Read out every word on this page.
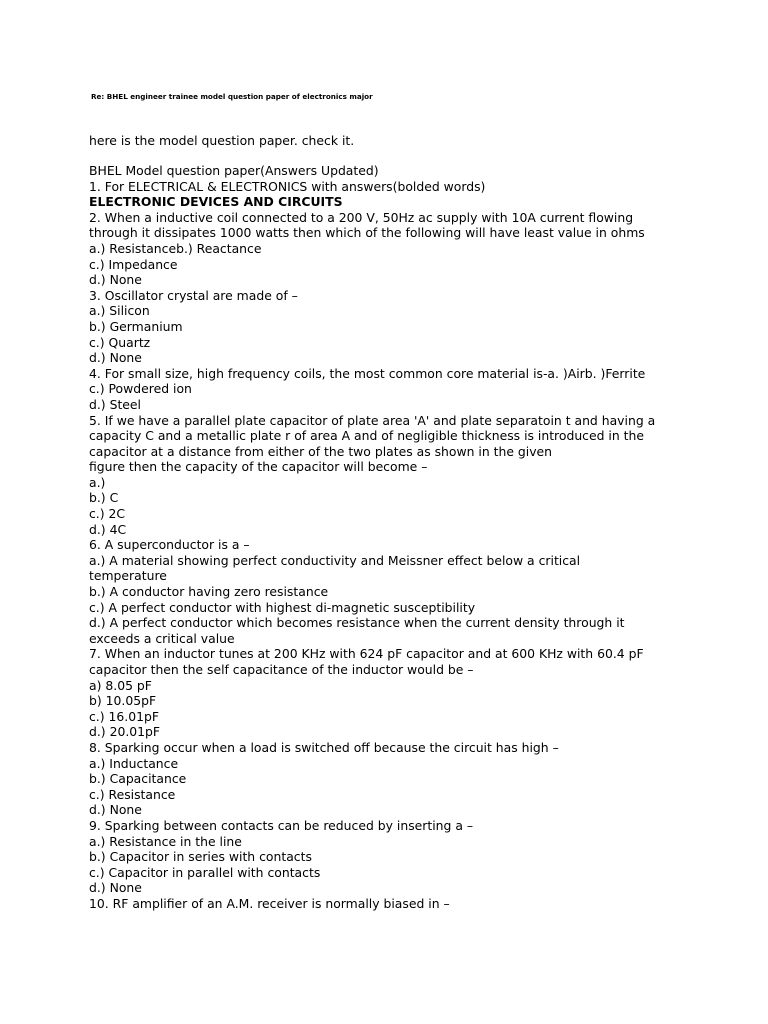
Re: BHEL engineer trainee model question paper of electronics major
here is the model question paper. check it.
BHEL Model question paper(Answers Updated)
1. For ELECTRICAL & ELECTRONICS with answers(bolded words)
ELECTRONIC DEVICES AND CIRCUITS
2. When a inductive coil connected to a 200 V, 50Hz ac supply with 10A current flowing
through it dissipates 1000 watts then which of the following will have least value in ohms
a.) Resistanceb.) Reactance
c.) Impedance
d.) None
3. Oscillator crystal are made of –
a.) Silicon
b.) Germanium
c.) Quartz
d.) None
4. For small size, high frequency coils, the most common core material is-a. )Airb. )Ferrite
c.) Powdered ion
d.) Steel
5. If we have a parallel plate capacitor of plate area 'A' and plate separatoin t and having a
capacity C and a metallic plate r of area A and of negligible thickness is introduced in the
capacitor at a distance from either of the two plates as shown in the given
figure then the capacity of the capacitor will become –
a.)
b.) C
c.) 2C
d.) 4C
6. A superconductor is a –
a.) A material showing perfect conductivity and Meissner effect below a critical
temperature
b.) A conductor having zero resistance
c.) A perfect conductor with highest di-magnetic susceptibility
d.) A perfect conductor which becomes resistance when the current density through it
exceeds a critical value
7. When an inductor tunes at 200 KHz with 624 pF capacitor and at 600 KHz with 60.4 pF
capacitor then the self capacitance of the inductor would be –
a) 8.05 pF
b) 10.05pF
c.) 16.01pF
d.) 20.01pF
8. Sparking occur when a load is switched off because the circuit has high –
a.) Inductance
b.) Capacitance
c.) Resistance
d.) None
9. Sparking between contacts can be reduced by inserting a –
a.) Resistance in the line
b.) Capacitor in series with contacts
c.) Capacitor in parallel with contacts
d.) None
10. RF amplifier of an A.M. receiver is normally biased in –
